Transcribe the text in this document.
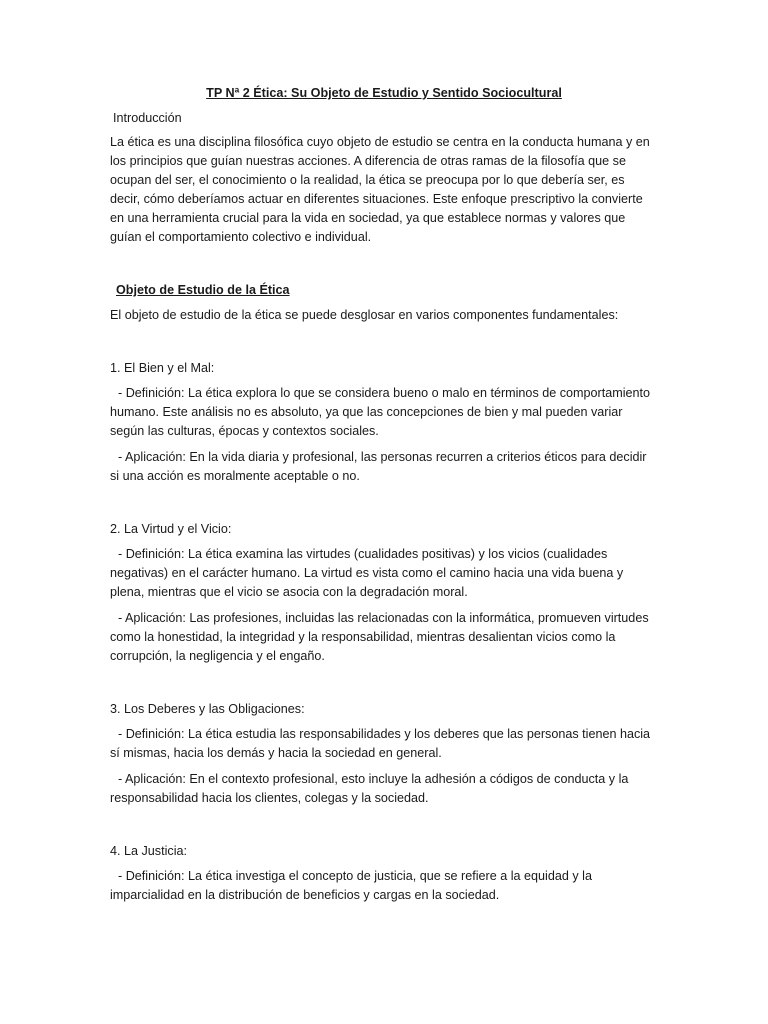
TP Nª 2 Ética: Su Objeto de Estudio y Sentido Sociocultural

Introducción

La ética es una disciplina filosófica cuyo objeto de estudio se centra en la conducta humana y en los principios que guían nuestras acciones. A diferencia de otras ramas de la filosofía que se ocupan del ser, el conocimiento o la realidad, la ética se preocupa por lo que debería ser, es decir, cómo deberíamos actuar en diferentes situaciones. Este enfoque prescriptivo la convierte en una herramienta crucial para la vida en sociedad, ya que establece normas y valores que guían el comportamiento colectivo e individual.

Objeto de Estudio de la Ética

El objeto de estudio de la ética se puede desglosar en varios componentes fundamentales:

1. El Bien y el Mal:

- Definición: La ética explora lo que se considera bueno o malo en términos de comportamiento humano. Este análisis no es absoluto, ya que las concepciones de bien y mal pueden variar según las culturas, épocas y contextos sociales.

- Aplicación: En la vida diaria y profesional, las personas recurren a criterios éticos para decidir si una acción es moralmente aceptable o no.

2. La Virtud y el Vicio:

- Definición: La ética examina las virtudes (cualidades positivas) y los vicios (cualidades negativas) en el carácter humano. La virtud es vista como el camino hacia una vida buena y plena, mientras que el vicio se asocia con la degradación moral.

- Aplicación: Las profesiones, incluidas las relacionadas con la informática, promueven virtudes como la honestidad, la integridad y la responsabilidad, mientras desalientan vicios como la corrupción, la negligencia y el engaño.

3. Los Deberes y las Obligaciones:

- Definición: La ética estudia las responsabilidades y los deberes que las personas tienen hacia sí mismas, hacia los demás y hacia la sociedad en general.

- Aplicación: En el contexto profesional, esto incluye la adhesión a códigos de conducta y la responsabilidad hacia los clientes, colegas y la sociedad.

4. La Justicia:

- Definición: La ética investiga el concepto de justicia, que se refiere a la equidad y la imparcialidad en la distribución de beneficios y cargas en la sociedad.
